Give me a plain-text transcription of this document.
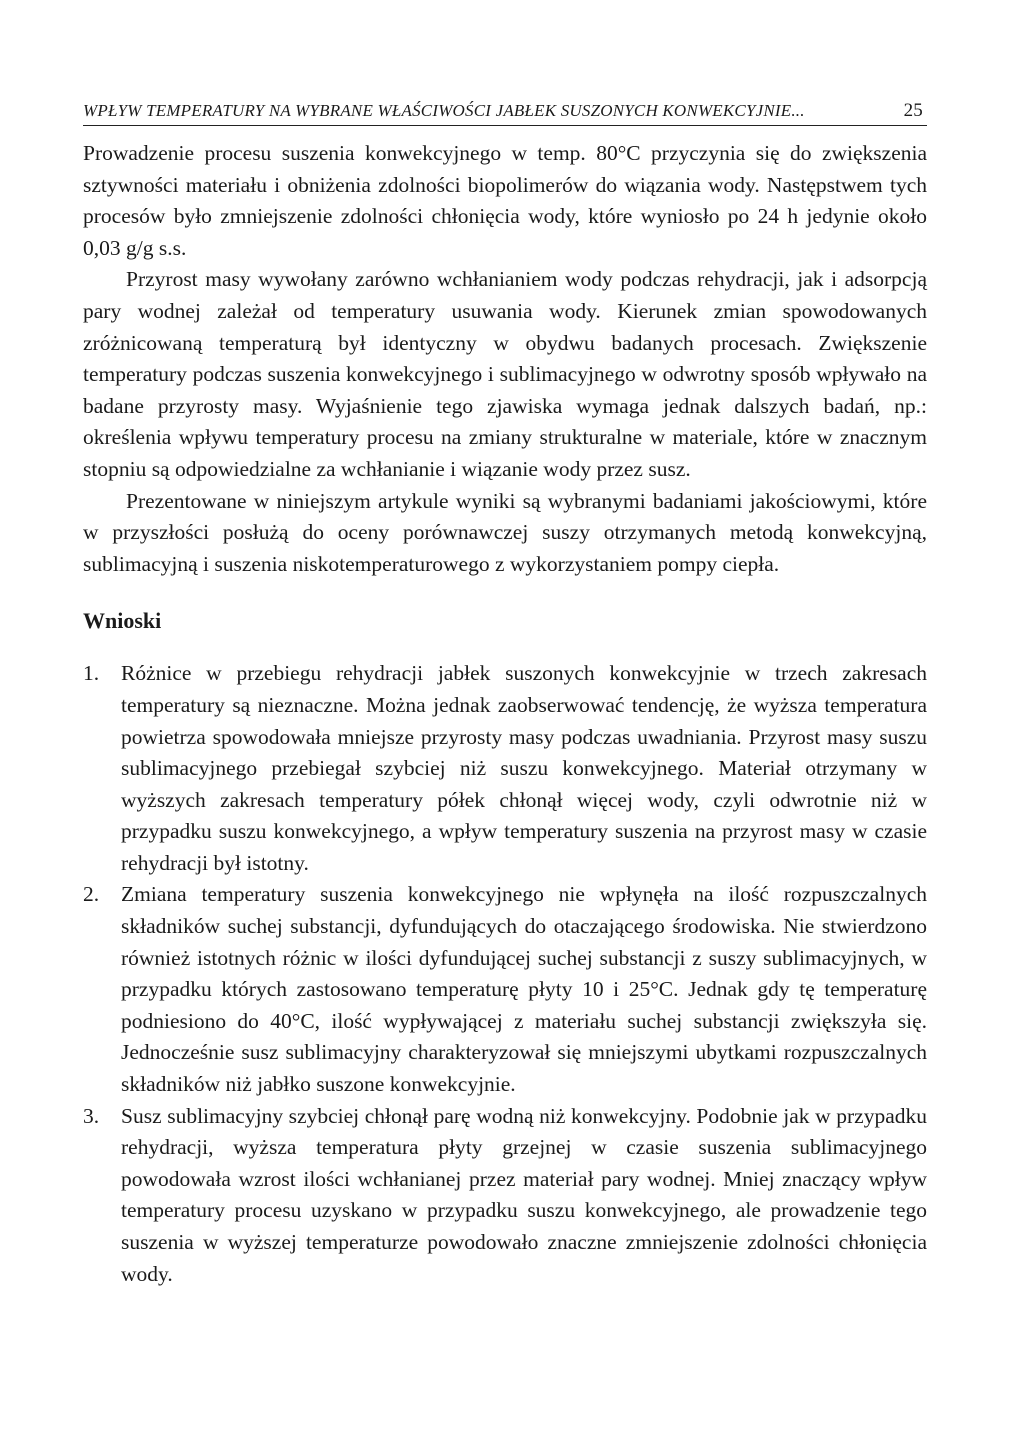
WPŁYW TEMPERATURY NA WYBRANE WŁAŚCIWOŚCI JABŁEK SUSZONYCH KONWEKCYJNIE...	25

Prowadzenie procesu suszenia konwekcyjnego w temp. 80°C przyczynia się do zwiększenia sztywności materiału i obniżenia zdolności biopolimerów do wiązania wody. Następstwem tych procesów było zmniejszenie zdolności chłonięcia wody, które wyniosło po 24 h jedynie około 0,03 g/g s.s.

Przyrost masy wywołany zarówno wchłanianiem wody podczas rehydracji, jak i adsorpcją pary wodnej zależał od temperatury usuwania wody. Kierunek zmian spowodowanych zróżnicowaną temperaturą był identyczny w obydwu badanych procesach. Zwiększenie temperatury podczas suszenia konwekcyjnego i sublimacyjnego w odwrotny sposób wpływało na badane przyrosty masy. Wyjaśnienie tego zjawiska wymaga jednak dalszych badań, np.: określenia wpływu temperatury procesu na zmiany strukturalne w materiale, które w znacznym stopniu są odpowiedzialne za wchłanianie i wiązanie wody przez susz.

Prezentowane w niniejszym artykule wyniki są wybranymi badaniami jakościowymi, które w przyszłości posłużą do oceny porównawczej suszy otrzymanych metodą konwekcyjną, sublimacyjną i suszenia niskotemperaturowego z wykorzystaniem pompy ciepła.

Wnioski
1.	Różnice w przebiegu rehydracji jabłek suszonych konwekcyjnie w trzech zakresach temperatury są nieznaczne. Można jednak zaobserwować tendencję, że wyższa temperatura powietrza spowodowała mniejsze przyrosty masy podczas uwadniania. Przyrost masy suszu sublimacyjnego przebiegał szybciej niż suszu konwekcyjnego. Materiał otrzymany w wyższych zakresach temperatury półek chłonął więcej wody, czyli odwrotnie niż w przypadku suszu konwekcyjnego, a wpływ temperatury suszenia na przyrost masy w czasie rehydracji był istotny.
2.	Zmiana temperatury suszenia konwekcyjnego nie wpłynęła na ilość rozpuszczalnych składników suchej substancji, dyfundujących do otaczającego środowiska. Nie stwierdzono również istotnych różnic w ilości dyfundującej suchej substancji z suszy sublimacyjnych, w przypadku których zastosowano temperaturę płyty 10 i 25°C. Jednak gdy tę temperaturę podniesiono do 40°C, ilość wypływającej z materiału suchej substancji zwiększyła się. Jednocześnie susz sublimacyjny charakteryzował się mniejszymi ubytkami rozpuszczalnych składników niż jabłko suszone konwekcyjnie.
3.	Susz sublimacyjny szybciej chłonął parę wodną niż konwekcyjny. Podobnie jak w przypadku rehydracji, wyższa temperatura płyty grzejnej w czasie suszenia sublimacyjnego powodowała wzrost ilości wchłanianej przez materiał pary wodnej. Mniej znaczący wpływ temperatury procesu uzyskano w przypadku suszu konwekcyjnego, ale prowadzenie tego suszenia w wyższej temperaturze powodowało znaczne zmniejszenie zdolności chłonięcia wody.
